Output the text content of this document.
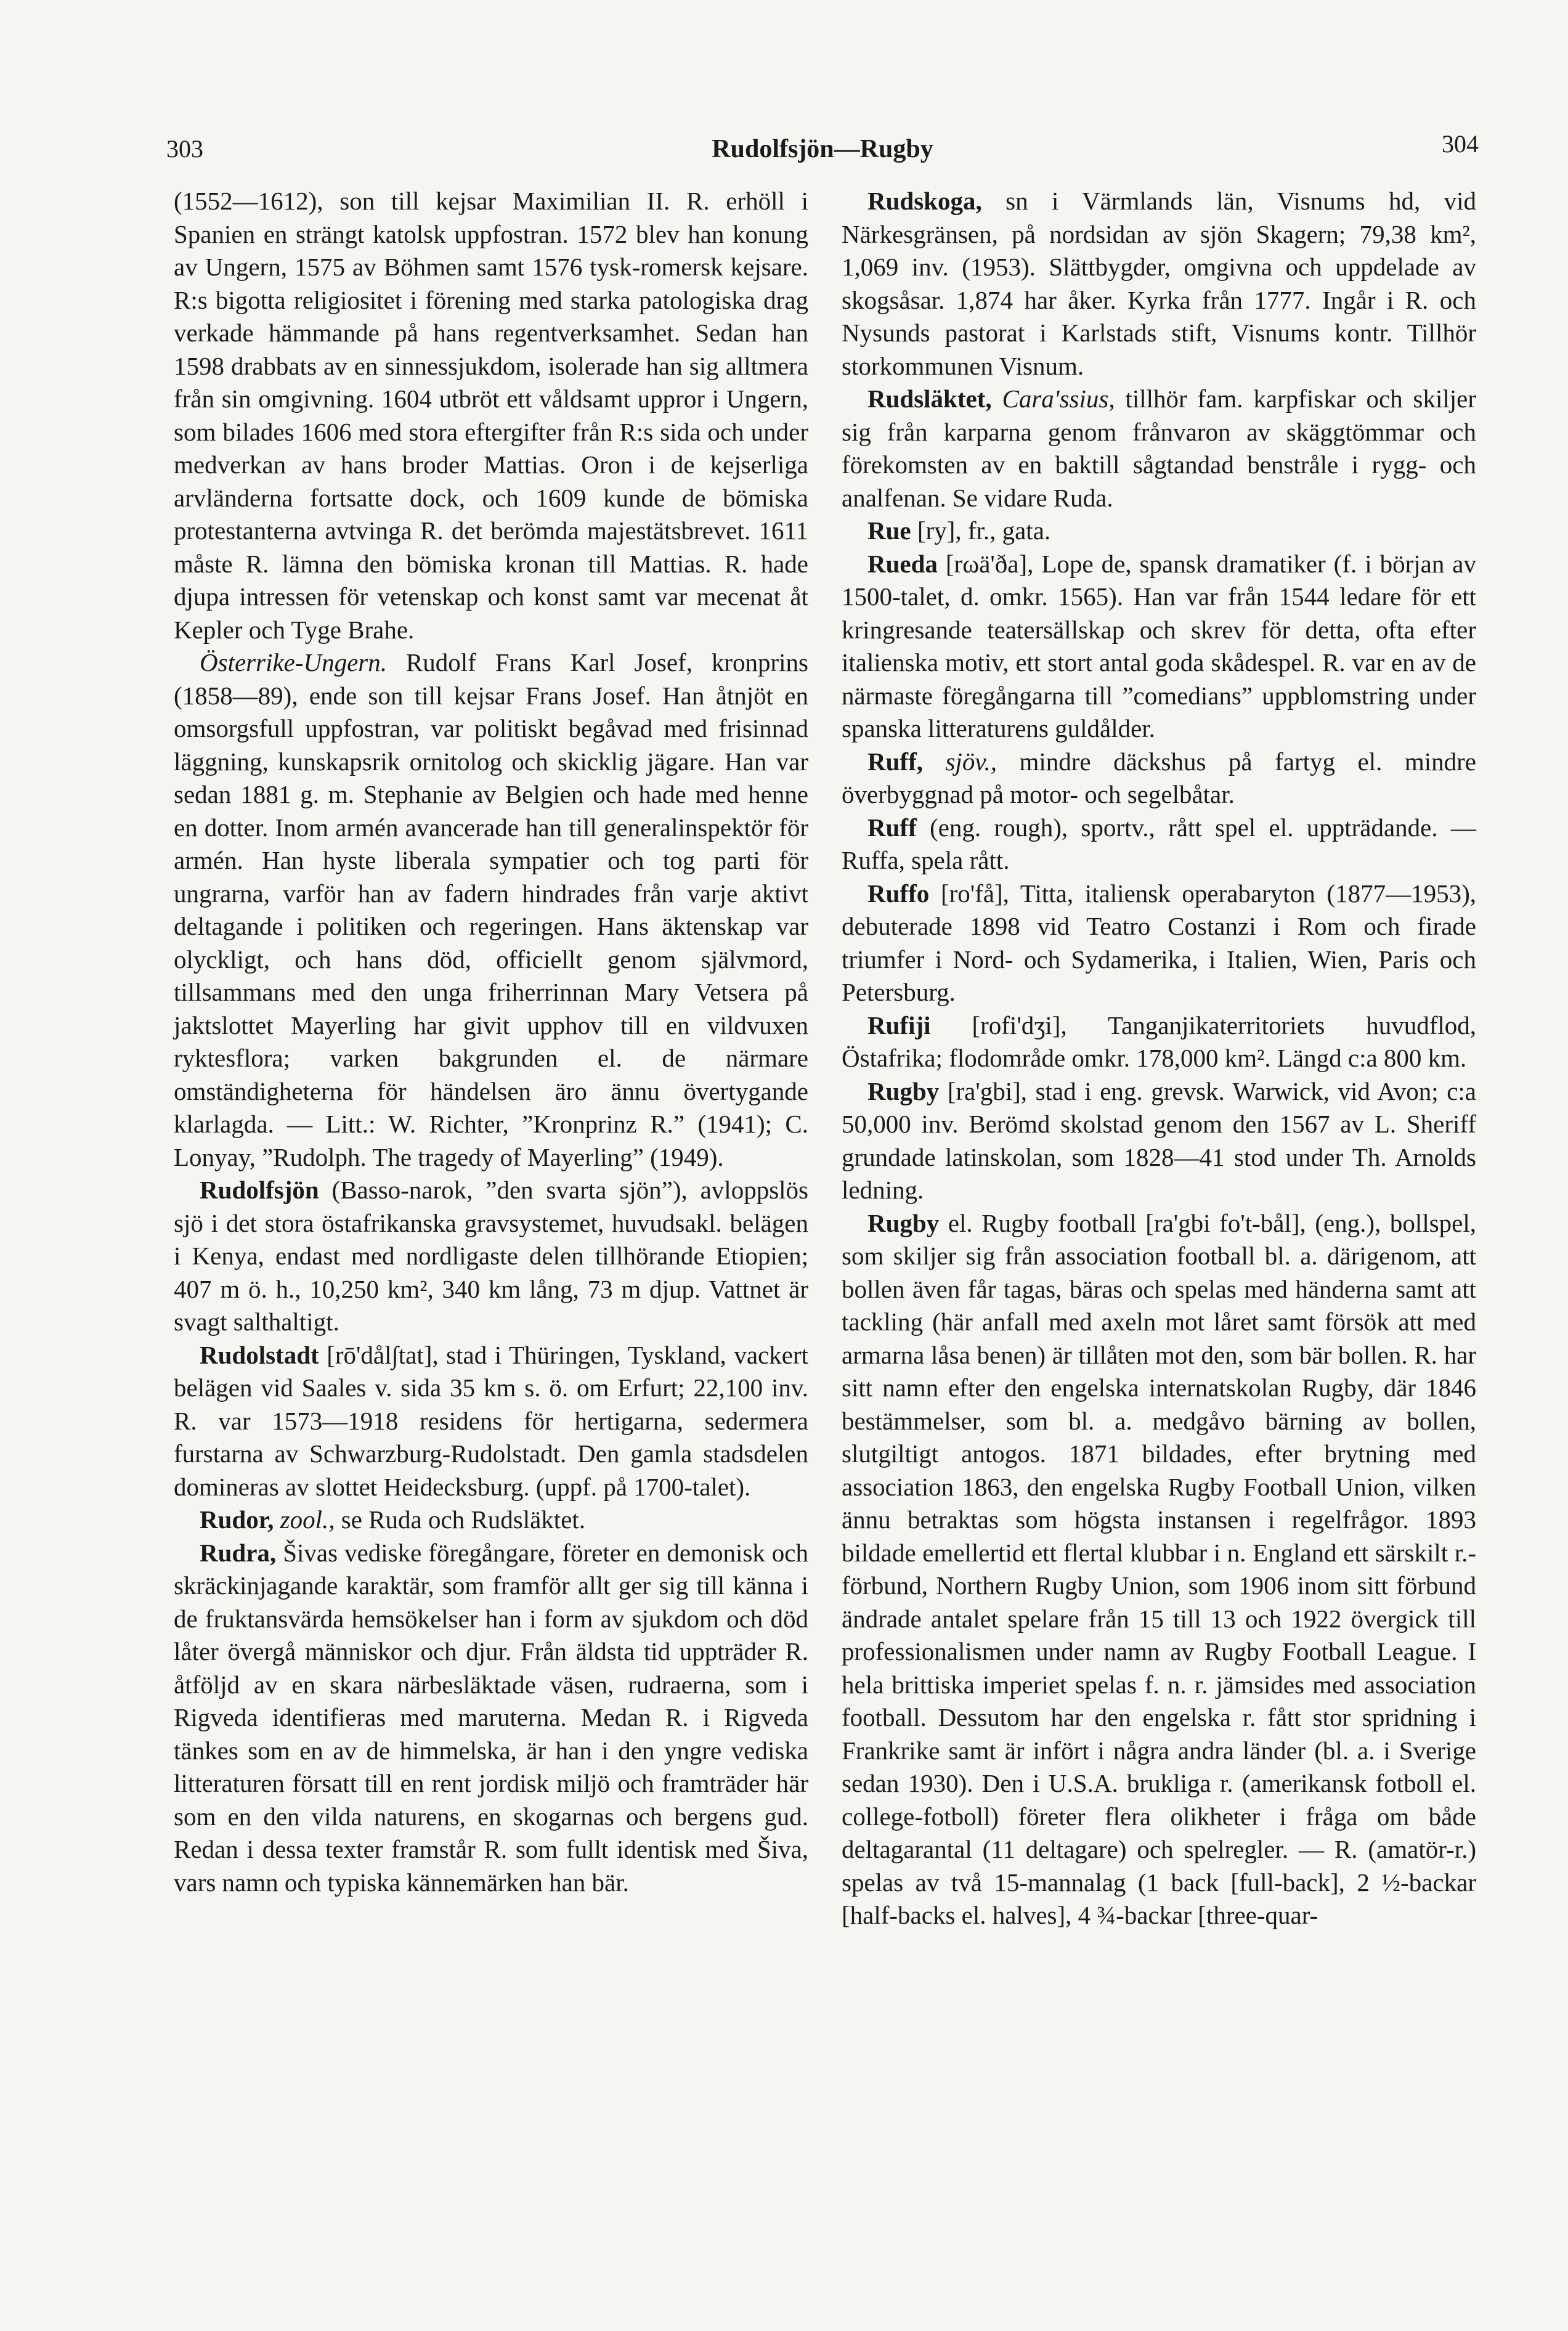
303	Rudolfsjön—Rugby	304

(1552—1612), son till kejsar Maximilian II. R. erhöll i Spanien en strängt katolsk uppfostran. 1572 blev han konung av Ungern, 1575 av Böhmen samt 1576 tysk-romersk kejsare. R:s bigotta religiositet i förening med starka patologiska drag verkade hämmande på hans regentverksamhet. Sedan han 1598 drabbats av en sinnessjukdom, isolerade han sig alltmera från sin omgivning. 1604 utbröt ett våldsamt uppror i Ungern, som bilades 1606 med stora eftergifter från R:s sida och under medverkan av hans broder Mattias. Oron i de kejserliga arvländerna fortsatte dock, och 1609 kunde de bömiska protestanterna avtvinga R. det berömda majestätsbrevet. 1611 måste R. lämna den bömiska kronan till Mattias. R. hade djupa intressen för vetenskap och konst samt var mecenat åt Kepler och Tyge Brahe.

Österrike-Ungern. Rudolf Frans Karl Josef, kronprins (1858—89), ende son till kejsar Frans Josef. Han åtnjöt en omsorgsfull uppfostran, var politiskt begåvad med frisinnad läggning, kunskapsrik ornitolog och skicklig jägare. Han var sedan 1881 g. m. Stephanie av Belgien och hade med henne en dotter. Inom armén avancerade han till generalinspektör för armén. Han hyste liberala sympatier och tog parti för ungrarna, varför han av fadern hindrades från varje aktivt deltagande i politiken och regeringen. Hans äktenskap var olyckligt, och hans död, officiellt genom självmord, tillsammans med den unga friherrinnan Mary Vetsera på jaktslottet Mayerling har givit upphov till en vildvuxen ryktesflora; varken bakgrunden el. de närmare omständigheterna för händelsen äro ännu övertygande klarlagda. — Litt.: W. Richter, ”Kronprinz R.” (1941); C. Lonyay, ”Rudolph. The tragedy of Mayerling” (1949).

Rudolfsjön (Basso-narok, ”den svarta sjön”), avloppslös sjö i det stora östafrikanska gravsystemet, huvudsakl. belägen i Kenya, endast med nordligaste delen tillhörande Etiopien; 407 m ö. h., 10,250 km², 340 km lång, 73 m djup. Vattnet är svagt salthaltigt.

Rudolstadt [rō'dål∫tat], stad i Thüringen, Tyskland, vackert belägen vid Saales v. sida 35 km s. ö. om Erfurt; 22,100 inv. R. var 1573—1918 residens för hertigarna, sedermera furstarna av Schwarzburg-Rudolstadt. Den gamla stadsdelen domineras av slottet Heidecksburg. (uppf. på 1700-talet).

Rudor, zool., se Ruda och Rudsläktet.

Rudra, Šivas vediske föregångare, företer en demonisk och skräckinjagande karaktär, som framför allt ger sig till känna i de fruktansvärda hemsökelser han i form av sjukdom och död låter övergå människor och djur. Från äldsta tid uppträder R. åtföljd av en skara närbesläktade väsen, rudraerna, som i Rigveda identifieras med maruterna. Medan R. i Rigveda tänkes som en av de himmelska, är han i den yngre vediska litteraturen försatt till en rent jordisk miljö och framträder här som en den vilda naturens, en skogarnas och bergens gud. Redan i dessa texter framstår R. som fullt identisk med Šiva, vars namn och typiska kännemärken han bär.

Rudskoga, sn i Värmlands län, Visnums hd, vid Närkesgränsen, på nordsidan av sjön Skagern; 79,38 km², 1,069 inv. (1953). Slättbygder, omgivna och uppdelade av skogsåsar. 1,874 har åker. Kyrka från 1777. Ingår i R. och Nysunds pastorat i Karlstads stift, Visnums kontr. Tillhör storkommunen Visnum.

Rudsläktet, Cara'ssius, tillhör fam. karpfiskar och skiljer sig från karparna genom frånvaron av skäggtömmar och förekomsten av en baktill sågtandad benstråle i rygg- och analfenan. Se vidare Ruda.

Rue [ry], fr., gata.

Rueda [rωä'ða], Lope de, spansk dramatiker (f. i början av 1500-talet, d. omkr. 1565). Han var från 1544 ledare för ett kringresande teatersällskap och skrev för detta, ofta efter italienska motiv, ett stort antal goda skådespel. R. var en av de närmaste föregångarna till ”comedians” uppblomstring under spanska litteraturens guldålder.

Ruff, sjöv., mindre däckshus på fartyg el. mindre överbyggnad på motor- och segelbåtar.

Ruff (eng. rough), sportv., rått spel el. uppträdande. — Ruffa, spela rått.

Ruffo [ro'få], Titta, italiensk operabaryton (1877—1953), debuterade 1898 vid Teatro Costanzi i Rom och firade triumfer i Nord- och Sydamerika, i Italien, Wien, Paris och Petersburg.

Rufiji [rofi'dʒi], Tanganjikaterritoriets huvudflod, Östafrika; flodområde omkr. 178,000 km². Längd c:a 800 km.

Rugby [ra'gbi], stad i eng. grevsk. Warwick, vid Avon; c:a 50,000 inv. Berömd skolstad genom den 1567 av L. Sheriff grundade latinskolan, som 1828—41 stod under Th. Arnolds ledning.

Rugby el. Rugby football [ra'gbi fo't-bål], (eng.), bollspel, som skiljer sig från association football bl. a. därigenom, att bollen även får tagas, bäras och spelas med händerna samt att tackling (här anfall med axeln mot låret samt försök att med armarna låsa benen) är tillåten mot den, som bär bollen. R. har sitt namn efter den engelska internatskolan Rugby, där 1846 bestämmelser, som bl. a. medgåvo bärning av bollen, slutgiltigt antogos. 1871 bildades, efter brytning med association 1863, den engelska Rugby Football Union, vilken ännu betraktas som högsta instansen i regelfrågor. 1893 bildade emellertid ett flertal klubbar i n. England ett särskilt r.-förbund, Northern Rugby Union, som 1906 inom sitt förbund ändrade antalet spelare från 15 till 13 och 1922 övergick till professionalismen under namn av Rugby Football League. I hela brittiska imperiet spelas f. n. r. jämsides med association football. Dessutom har den engelska r. fått stor spridning i Frankrike samt är infört i några andra länder (bl. a. i Sverige sedan 1930). Den i U.S.A. brukliga r. (amerikansk fotboll el. college-fotboll) företer flera olikheter i fråga om både deltagarantal (11 deltagare) och spelregler. — R. (amatör-r.) spelas av två 15-mannalag (1 back [full-back], 2 ½-backar [half-backs el. halves], 4 ¾-backar [three-quar-
